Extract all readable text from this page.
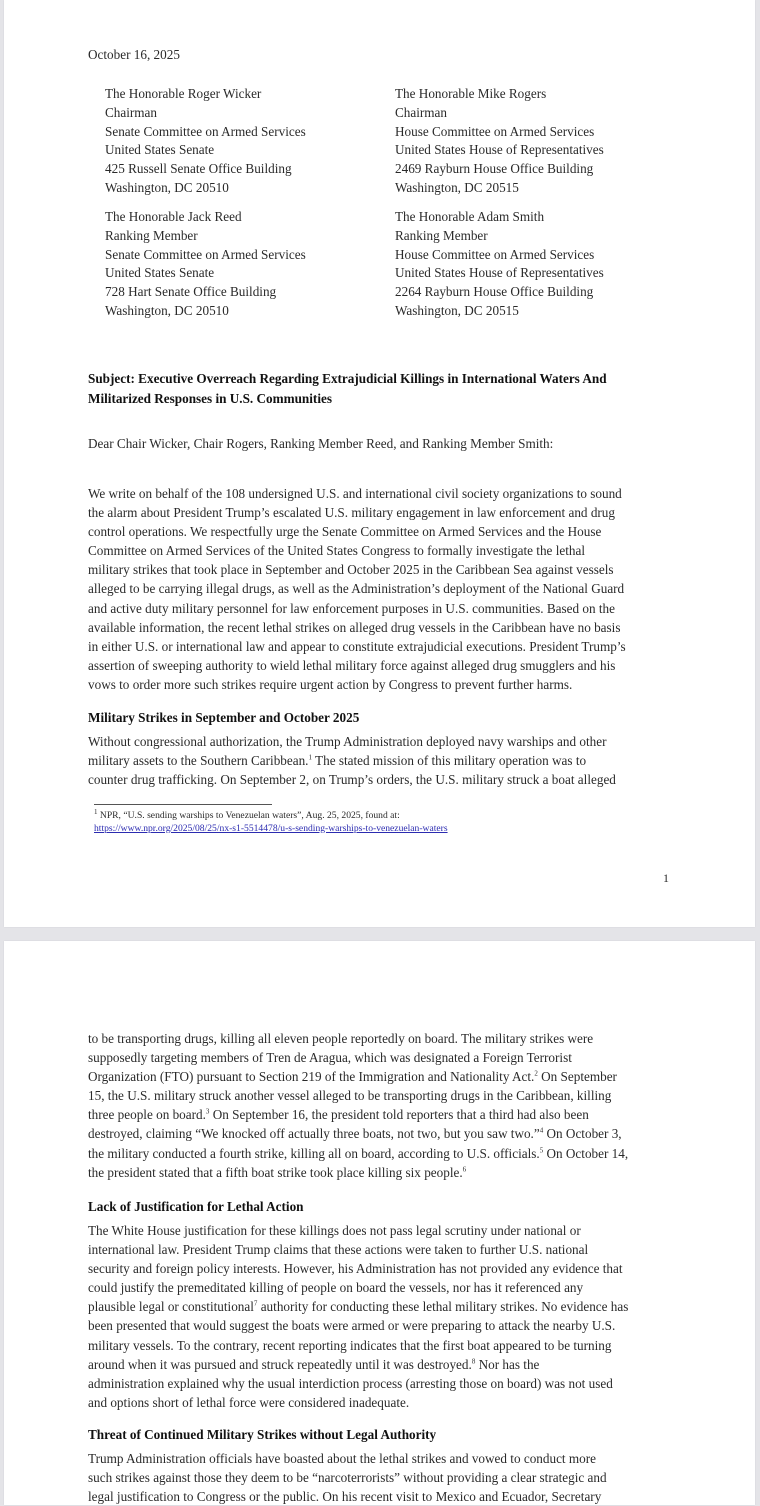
October 16, 2025
The Honorable Roger Wicker
Chairman
Senate Committee on Armed Services
United States Senate
425 Russell Senate Office Building
Washington, DC 20510
The Honorable Mike Rogers
Chairman
House Committee on Armed Services
United States House of Representatives
2469 Rayburn House Office Building
Washington, DC 20515
The Honorable Jack Reed
Ranking Member
Senate Committee on Armed Services
United States Senate
728 Hart Senate Office Building
Washington, DC 20510
The Honorable Adam Smith
Ranking Member
House Committee on Armed Services
United States House of Representatives
2264 Rayburn House Office Building
Washington, DC 20515
Subject: Executive Overreach Regarding Extrajudicial Killings in International Waters And
Militarized Responses in U.S. Communities
Dear Chair Wicker, Chair Rogers, Ranking Member Reed, and Ranking Member Smith:
We write on behalf of the 108 undersigned U.S. and international civil society organizations to sound
the alarm about President Trump’s escalated U.S. military engagement in law enforcement and drug
control operations. We respectfully urge the Senate Committee on Armed Services and the House
Committee on Armed Services of the United States Congress to formally investigate the lethal
military strikes that took place in September and October 2025 in the Caribbean Sea against vessels
alleged to be carrying illegal drugs, as well as the Administration’s deployment of the National Guard
and active duty military personnel for law enforcement purposes in U.S. communities. Based on the
available information, the recent lethal strikes on alleged drug vessels in the Caribbean have no basis
in either U.S. or international law and appear to constitute extrajudicial executions. President Trump’s
assertion of sweeping authority to wield lethal military force against alleged drug smugglers and his
vows to order more such strikes require urgent action by Congress to prevent further harms.
Military Strikes in September and October 2025
Without congressional authorization, the Trump Administration deployed navy warships and other
military assets to the Southern Caribbean.$^1$ The stated mission of this military operation was to
counter drug trafficking. On September 2, on Trump’s orders, the U.S. military struck a boat alleged
$^1$ NPR, “U.S. sending warships to Venezuelan waters”, Aug. 25, 2025, found at:
https://www.npr.org/2025/08/25/nx-s1-5514478/u-s-sending-warships-to-venezuelan-waters
1
to be transporting drugs, killing all eleven people reportedly on board. The military strikes were
supposedly targeting members of Tren de Aragua, which was designated a Foreign Terrorist
Organization (FTO) pursuant to Section 219 of the Immigration and Nationality Act.$^2$ On September
15, the U.S. military struck another vessel alleged to be transporting drugs in the Caribbean, killing
three people on board.$^3$ On September 16, the president told reporters that a third had also been
destroyed, claiming “We knocked off actually three boats, not two, but you saw two.”$^4$ On October 3,
the military conducted a fourth strike, killing all on board, according to U.S. officials.$^5$ On October 14,
the president stated that a fifth boat strike took place killing six people.$^6$
Lack of Justification for Lethal Action
The White House justification for these killings does not pass legal scrutiny under national or
international law. President Trump claims that these actions were taken to further U.S. national
security and foreign policy interests. However, his Administration has not provided any evidence that
could justify the premeditated killing of people on board the vessels, nor has it referenced any
plausible legal or constitutional$^7$ authority for conducting these lethal military strikes. No evidence has
been presented that would suggest the boats were armed or were preparing to attack the nearby U.S.
military vessels. To the contrary, recent reporting indicates that the first boat appeared to be turning
around when it was pursued and struck repeatedly until it was destroyed.$^8$ Nor has the
administration explained why the usual interdiction process (arresting those on board) was not used
and options short of lethal force were considered inadequate.
Threat of Continued Military Strikes without Legal Authority
Trump Administration officials have boasted about the lethal strikes and vowed to conduct more
such strikes against those they deem to be “narcoterrorists” without providing a clear strategic and
legal justification to Congress or the public. On his recent visit to Mexico and Ecuador, Secretary
